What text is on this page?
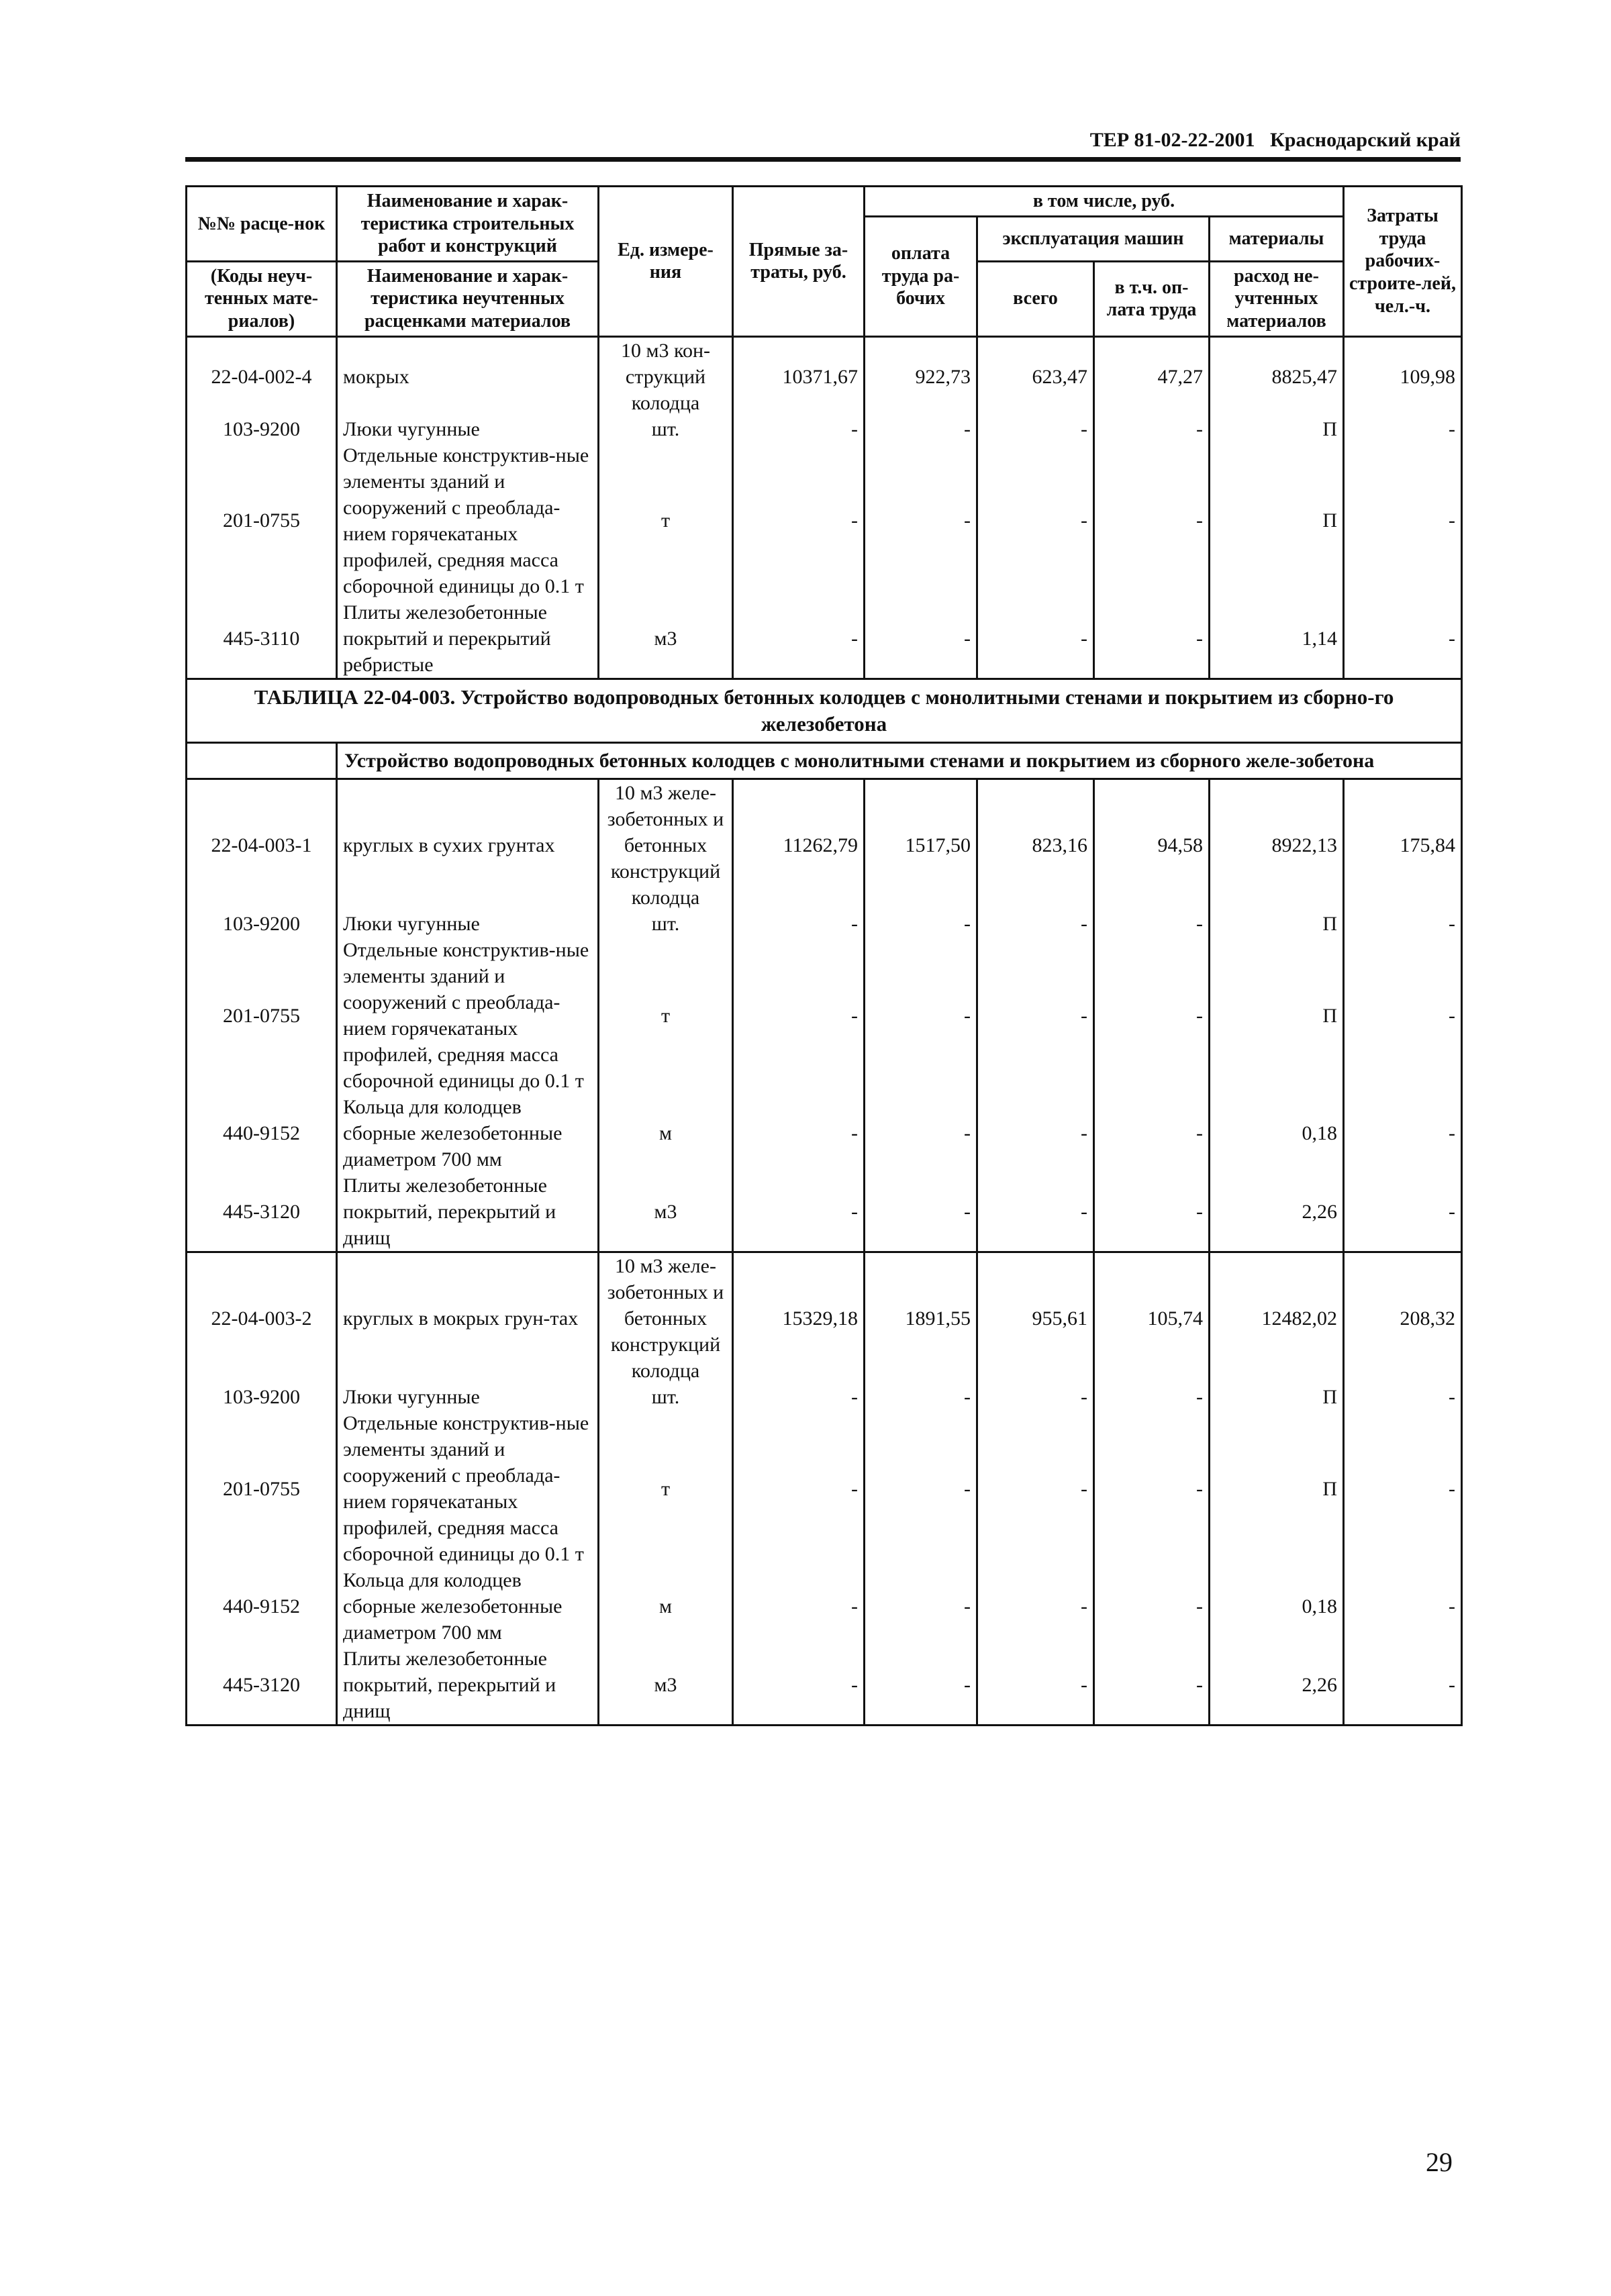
ТЕР 81-02-22-2001 Краснодарский край
№№ расце-нок	Наименование и харак-теристика строительных работ и конструкций	Ед. измере-ния	Прямые за-траты, руб.	в том числе, руб.				Затраты труда рабочих-строите-лей, чел.-ч.
				оплата труда ра-бочих	эксплуатация машин		материалы	
(Коды неуч-тенных мате-риалов)	Наименование и харак-теристика неучтенных расценками материалов				всего	в т.ч. оп-лата труда	расход не-учтенных материалов	

22-04-002-4	мокрых	10 м3 кон-струкций колодца	10371,67	922,73	623,47	47,27	8825,47	109,98
103-9200	Люки чугунные	шт.	-	-	-	-	П	-
201-0755	Отдельные конструктив-ные элементы зданий и сооружений с преоблада-нием горячекатаных профилей, средняя масса сборочной единицы до 0.1 т	т	-	-	-	-	П	-
445-3110	Плиты железобетонные покрытий и перекрытий ребристые	м3	-	-	-	-	1,14	-
ТАБЛИЦА 22-04-003. Устройство водопроводных бетонных колодцев с монолитными стенами и покрытием из сборно-го железобетона								
	Устройство водопроводных бетонных колодцев с монолитными стенами и покрытием из сборного желе-зобетона							
22-04-003-1	круглых в сухих грунтах	10 м3 желе-зобетонных и бетонных конструкций колодца	11262,79	1517,50	823,16	94,58	8922,13	175,84
103-9200	Люки чугунные	шт.	-	-	-	-	П	-
201-0755	Отдельные конструктив-ные элементы зданий и сооружений с преоблада-нием горячекатаных профилей, средняя масса сборочной единицы до 0.1 т	т	-	-	-	-	П	-
440-9152	Кольца для колодцев сборные железобетонные диаметром 700 мм	м	-	-	-	-	0,18	-
445-3120	Плиты железобетонные покрытий, перекрытий и днищ	м3	-	-	-	-	2,26	-
22-04-003-2	круглых в мокрых грун-тах	10 м3 желе-зобетонных и бетонных конструкций колодца	15329,18	1891,55	955,61	105,74	12482,02	208,32
103-9200	Люки чугунные	шт.	-	-	-	-	П	-
201-0755	Отдельные конструктив-ные элементы зданий и сооружений с преоблада-нием горячекатаных профилей, средняя масса сборочной единицы до 0.1 т	т	-	-	-	-	П	-
440-9152	Кольца для колодцев сборные железобетонные диаметром 700 мм	м	-	-	-	-	0,18	-
445-3120	Плиты железобетонные покрытий, перекрытий и днищ	м3	-	-	-	-	2,26	-
29
